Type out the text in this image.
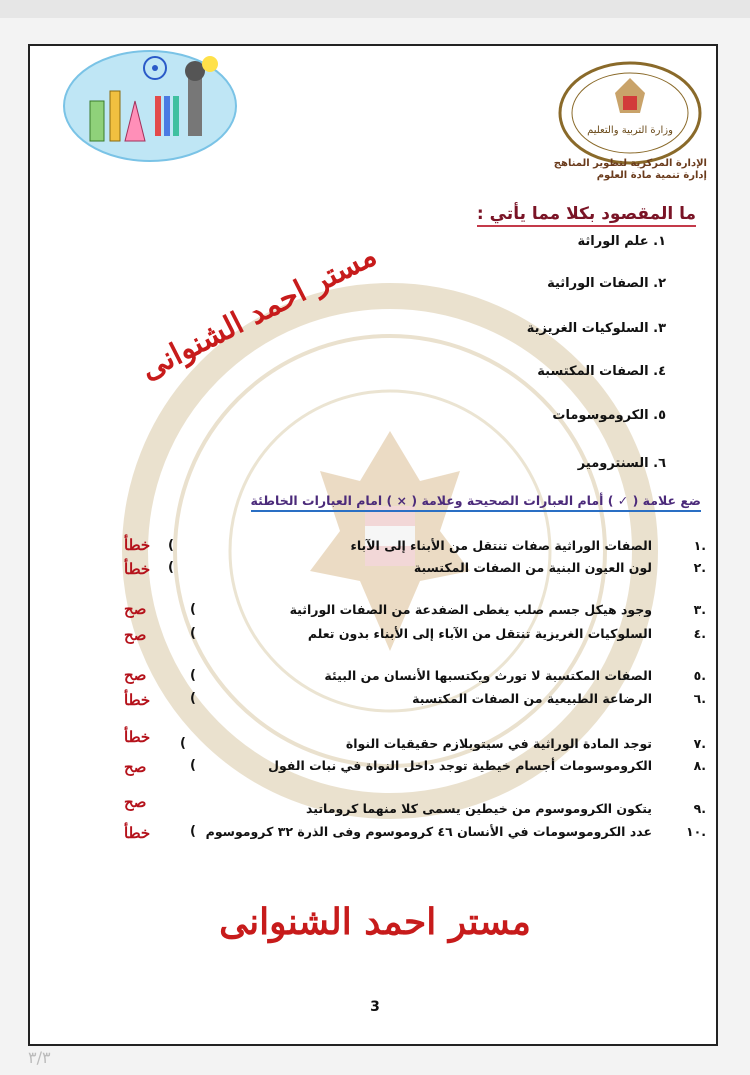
وزارة التربية والتعليم
الإدارة المركزية لتطوير المناهج
إدارة تنمية مادة العلوم
ما المقصود بكلا مما يأتي :
١. علم الوراثة
٢. الصفات الوراثية
٣. السلوكيات الغريزية
٤. الصفات المكتسبة
٥. الكروموسومات
٦. السنترومير
مستر احمد الشنوانى
ضع علامة ( ✓ ) أمام العبارات الصحيحة وعلامة ( × ) امام العبارات الخاطئة
.١
الصفات الوراثية صفات تنتقل من الأبناء إلى الآباء
خطأ (
.٢
لون العيون البنية من الصفات المكتسبة
خطأ (
.٣
وجود هيكل جسم صلب يغطى الضفدعة من الصفات الوراثية
صح	(
.٤
السلوكيات الغريزية تنتقل من الآباء إلى الأبناء بدون تعلم
صح	(
.٥
الصفات المكتسبة لا تورث ويكتسبها الأنسان من البيئة
صح	(
.٦
الرضاعة الطبيعية من الصفات المكتسبة
خطأ	(
.٧
توجد المادة الوراثية في سيتوبلازم حقيقيات النواة
خطأ (
.٨
الكروموسومات أجسام خيطية توجد داخل النواة في نبات الفول
صح	(
.٩
يتكون الكروموسوم من خيطين يسمى كلا منهما كروماتيد
صح
.١٠
عدد الكروموسومات في الأنسان ٤٦ كروموسوم وفى الذرة ٣٢ كروموسوم
خطأ	(
مستر احمد الشنوانى
3
٣/٣
